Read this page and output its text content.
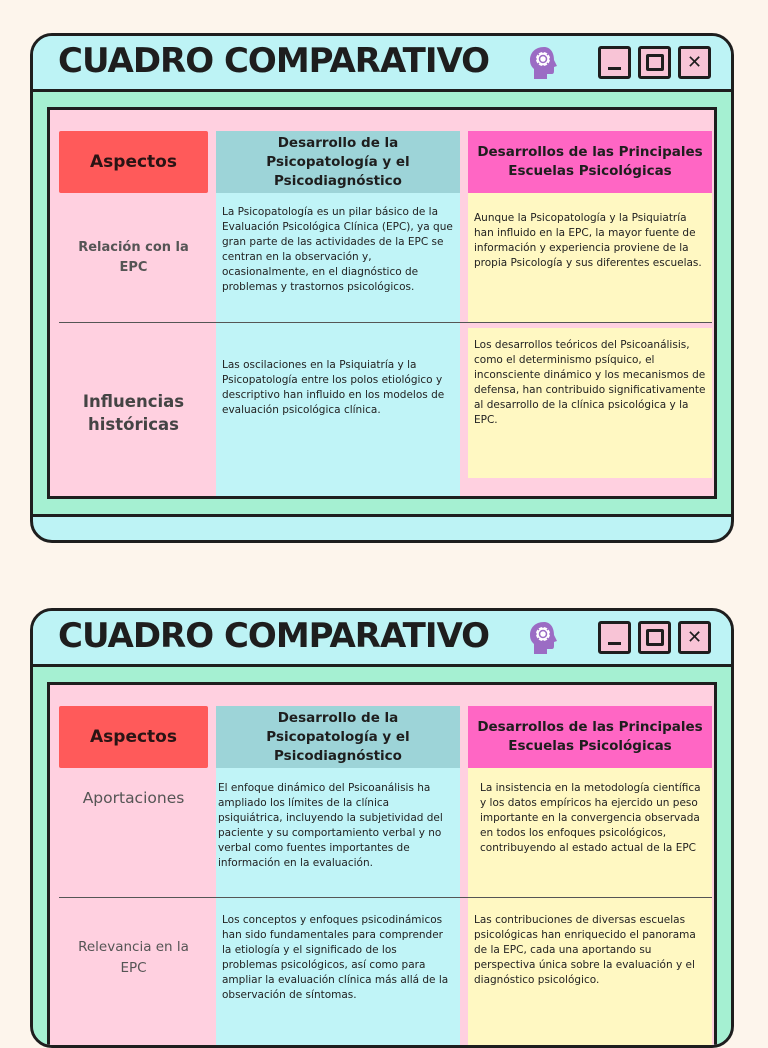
CUADRO COMPARATIVO	✕
Aspectos
Desarrollo de la Psicopatología y el Psicodiagnóstico
Desarrollos de las Principales Escuelas Psicológicas
Relación con la EPC
La Psicopatología es un pilar básico de la Evaluación Psicológica Clínica (EPC), ya que gran parte de las actividades de la EPC se centran en la observación y, ocasionalmente, en el diagnóstico de problemas y trastornos psicológicos.
Aunque la Psicopatología y la Psiquiatría han influido en la EPC, la mayor fuente de información y experiencia proviene de la propia Psicología y sus diferentes escuelas.
Influencias históricas
Las oscilaciones en la Psiquiatría y la Psicopatología entre los polos etiológico y descriptivo han influido en los modelos de evaluación psicológica clínica.
Los desarrollos teóricos del Psicoanálisis, como el determinismo psíquico, el inconsciente dinámico y los mecanismos de defensa, han contribuido significativamente al desarrollo de la clínica psicológica y la EPC.
CUADRO COMPARATIVO	✕
Aspectos
Desarrollo de la Psicopatología y el Psicodiagnóstico
Desarrollos de las Principales Escuelas Psicológicas
Aportaciones
El enfoque dinámico del Psicoanálisis ha ampliado los límites de la clínica psiquiátrica, incluyendo la subjetividad del paciente y su comportamiento verbal y no verbal como fuentes importantes de información en la evaluación.
La insistencia en la metodología científica y los datos empíricos ha ejercido un peso importante en la convergencia observada en todos los enfoques psicológicos, contribuyendo al estado actual de la EPC
Relevancia en la EPC
Los conceptos y enfoques psicodinámicos han sido fundamentales para comprender la etiología y el significado de los problemas psicológicos, así como para ampliar la evaluación clínica más allá de la observación de síntomas.
Las contribuciones de diversas escuelas psicológicas han enriquecido el panorama de la EPC, cada una aportando su perspectiva única sobre la evaluación y el diagnóstico psicológico.
